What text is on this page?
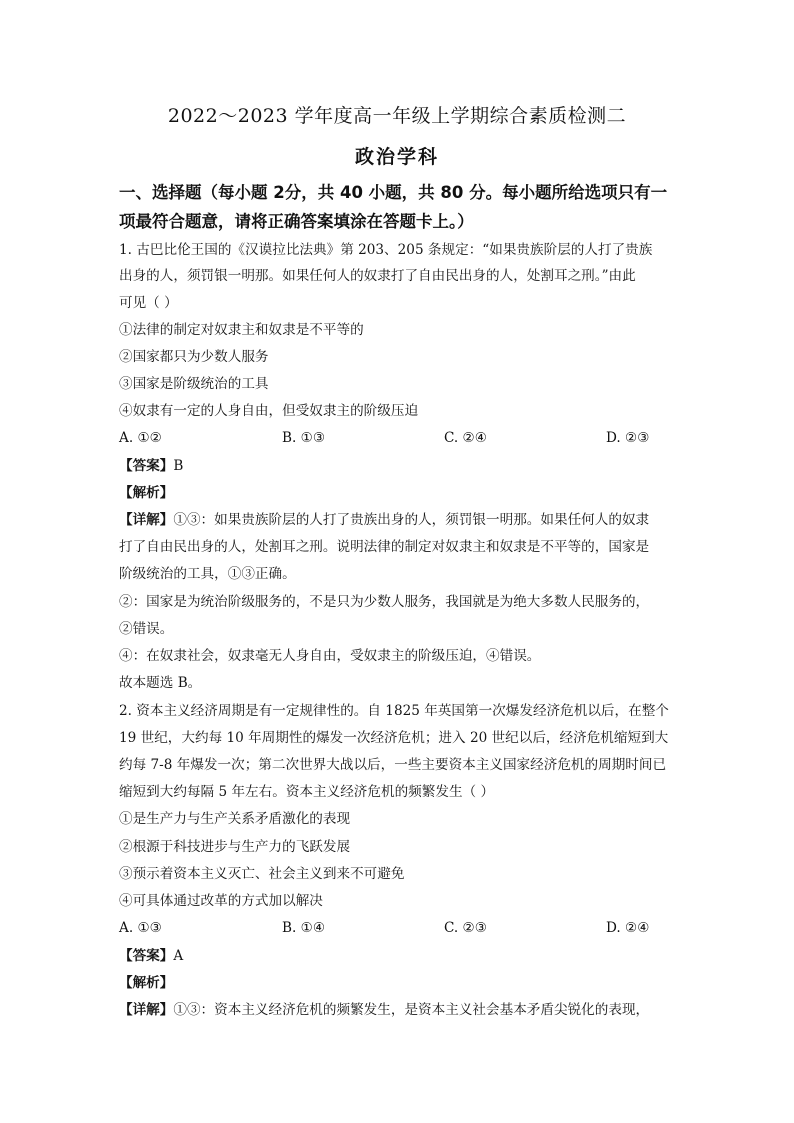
2022～2023 学年度高一年级上学期综合素质检测二
政治学科
一、选择题（每小题 2分，共 40 小题，共 80 分。每小题所给选项只有一项最符合题意，请将正确答案填涂在答题卡上。）
1. 古巴比伦王国的《汉谟拉比法典》第 203、205 条规定：“如果贵族阶层的人打了贵族
出身的人，须罚银一明那。如果任何人的奴隶打了自由民出身的人，处割耳之刑。”由此
可见（ ）
①法律的制定对奴隶主和奴隶是不平等的
②国家都只为少数人服务
③国家是阶级统治的工具
④奴隶有一定的人身自由，但受奴隶主的阶级压迫
A. ①②	B. ①③	C. ②④	D. ②③
【答案】B
【解析】
【详解】①③：如果贵族阶层的人打了贵族出身的人，须罚银一明那。如果任何人的奴隶
打了自由民出身的人，处割耳之刑。说明法律的制定对奴隶主和奴隶是不平等的，国家是
阶级统治的工具，①③正确。
②：国家是为统治阶级服务的，不是只为少数人服务，我国就是为绝大多数人民服务的，
②错误。
④：在奴隶社会，奴隶毫无人身自由，受奴隶主的阶级压迫，④错误。
故本题选 B。
2. 资本主义经济周期是有一定规律性的。自 1825 年英国第一次爆发经济危机以后，在整个
19 世纪，大约每 10 年周期性的爆发一次经济危机；进入 20 世纪以后，经济危机缩短到大
约每 7-8 年爆发一次；第二次世界大战以后，一些主要资本主义国家经济危机的周期时间已
缩短到大约每隔 5 年左右。资本主义经济危机的频繁发生（ ）
①是生产力与生产关系矛盾激化的表现
②根源于科技进步与生产力的飞跃发展
③预示着资本主义灭亡、社会主义到来不可避免
④可具体通过改革的方式加以解决
A. ①③	B. ①④	C. ②③	D. ②④
【答案】A
【解析】
【详解】①③：资本主义经济危机的频繁发生，是资本主义社会基本矛盾尖锐化的表现，
